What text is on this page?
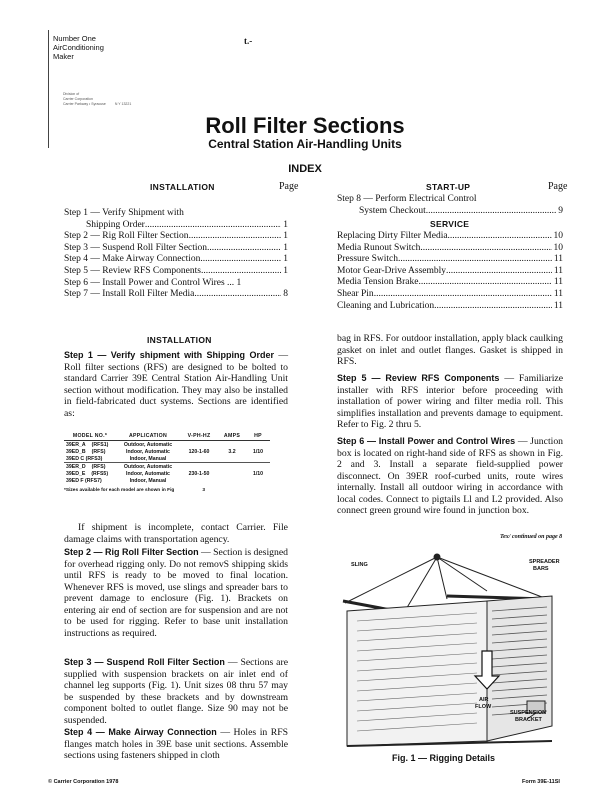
Number One
AirConditioning
Maker
Division of
Carrier Corporation
Carrier Parkway • Syracuse	N Y 13221
t.-
Roll Filter Sections
Central Station Air-Handling Units
INDEX
INSTALLATION	Page
Step 1 — Verify Shipment with
Shipping Order .....	1
Step 2 — Rig Roll Filter Section .....	1
Step 3 — Suspend Roll Filter Section .....	1
Step 4 — Make Airway Connection .....	1
Step 5 — Review RFS Components .....	1
Step 6 — Install Power and Control Wires ... 1
Step 7 — Install Roll Filter Media .....	8
START-UP	Page
Step 8 — Perform Electrical Control
System Checkout .....	9
SERVICE
Replacing Dirty Filter Media .....	10
Media Runout Switch .....	10
Pressure Switch .....	11
Motor Gear-Drive Assembly .....	11
Media Tension Brake .....	11
Shear Pin .....	11
Cleaning and Lubrication .....	11
INSTALLATION
Step 1 — Verify shipment with Shipping Order — Roll filter sections (RFS) are designed to be bolted to standard Carrier 39E Central Station Air-Handling Unit section without modification. They may also be installed in field-fabricated duct systems. Sections are identified as:
MODEL NO.*	APPLICATION	V-PH-HZ	AMPS	HP
39ER_A (RFS1)	Outdoor, Automatic	120-1-60	3.2	1/10
39ED_B (RFS)	Indoor, Automatic			
39ED C (RFS3)	Indoor, Manual			
39ER_D (RFS)	Outdoor, Automatic	230-1-50		1/10
39ED_E (RFS5)	Indoor, Automatic			
39ED F (RFS7)	Indoor, Manual			
*Sizes available for each model are shown in Fig	3
If shipment is incomplete, contact Carrier. File damage claims with transportation agency.
Step 2 — Rig Roll Filter Section — Section is designed for overhead rigging only. Do not removS shipping skids until RFS is ready to be moved to final location. Whenever RFS is moved, use slings and spreader bars to prevent damage to enclosure (Fig. 1). Brackets on entering air end of section are for suspension and are not to be used for rigging. Refer to base unit installation instructions as required.
Step 3 — Suspend Roll Filter Section — Sections are supplied with suspension brackets on air inlet end of channel leg supports (Fig. 1). Unit sizes 08 thru 57 may be suspended by these brackets and by downstream component bolted to outlet flange. Size 90 may not be suspended.
Step 4 — Make Airway Connection — Holes in RFS flanges match holes in 39E base unit sections. Assemble sections using fasteners shipped in cloth
bag in RFS. For outdoor installation, apply black caulking gasket on inlet and outlet flanges. Gasket is shipped in RFS.
Step 5 — Review RFS Components — Familiarize installer with RFS interior before proceeding with installation of power wiring and filter media roll. This simplifies installation and prevents damage to equipment. Refer to Fig. 2 thru 5.
Step 6 — Install Power and Control Wires — Junction box is located on right-hand side of RFS as shown in Fig. 2 and 3. Install a separate field-supplied power disconnect. On 39ER roof-curbed units, route wires internally. Install all outdoor wiring in accordance with local codes. Connect to pigtails Ll and L2 provided. Also connect green ground wire found in junction box.
Tex/ continued on page 8
SLING	SPREADER
BARS
AIR
FLOW
SUSPENSION
BRACKET
Fig. 1 — Rigging Details
© Carrier Corporation 1978	Form 39E-11SI
